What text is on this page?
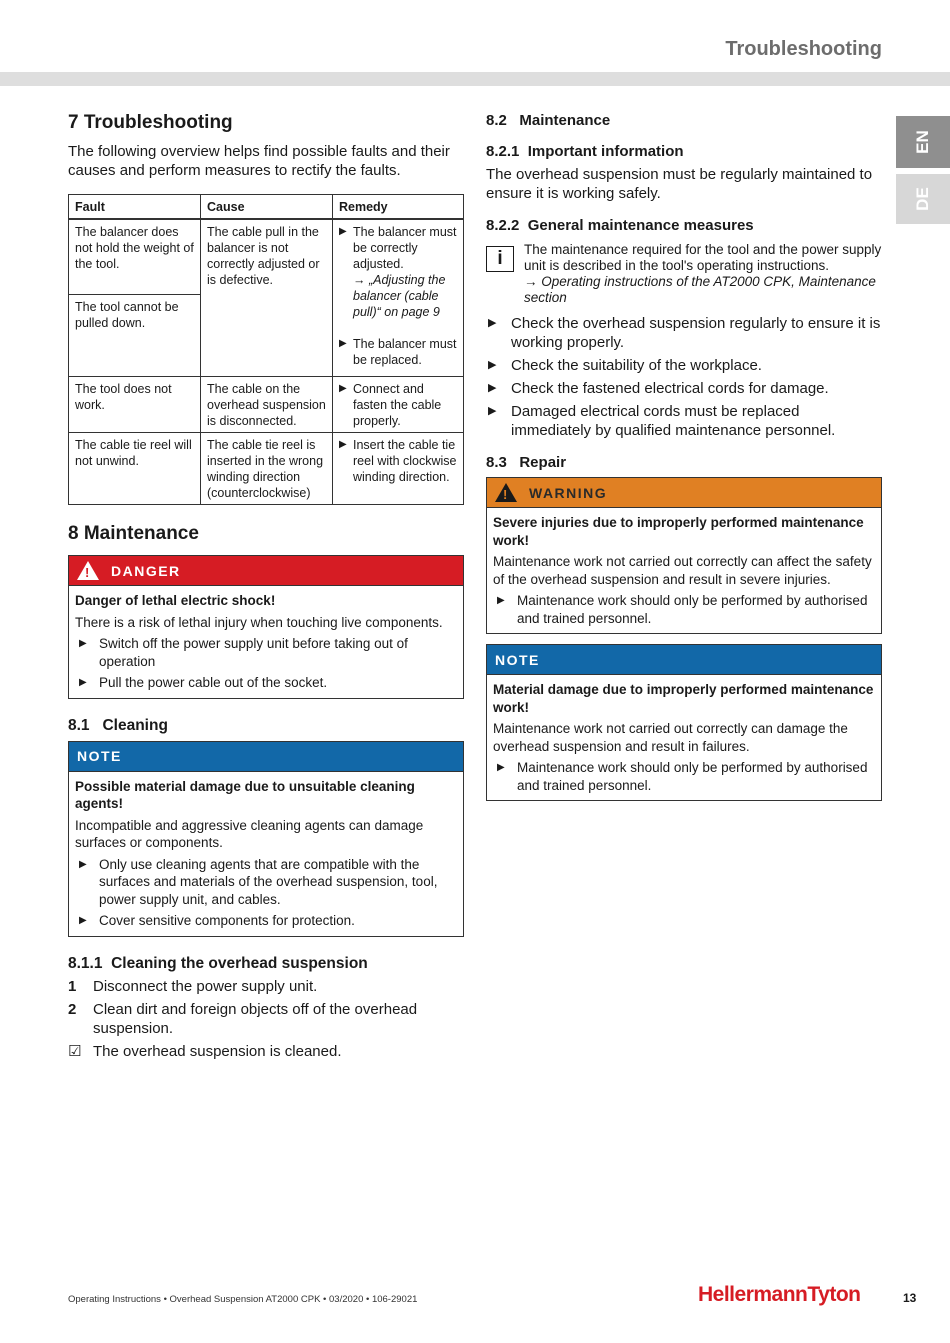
Troubleshooting
EN
DE
7 Troubleshooting
The following overview helps find possible faults and their causes and perform measures to rectify the faults.
Fault	Cause	Remedy
The balancer does not hold the weight of the tool.	The cable pull in the balancer is not correctly adjusted or is defective.	▶ The balancer must be correctly adjusted.
→ „Adjusting the balancer (cable pull)“ on page 9
▶ The balancer must be replaced.

The tool cannot be pulled down.		
The tool does not work.	The cable on the overhead suspension is disconnected.	▶ Connect and fasten the cable properly.

The cable tie reel will not unwind.	The cable tie reel is inserted in the wrong winding direction (counterclockwise)	▶ Insert the cable tie reel with clockwise winding direction.
8 Maintenance
!
DANGER
Danger of lethal electric shock!
There is a risk of lethal injury when touching live components.
▶ Switch off the power supply unit before taking out of operation
▶ Pull the power cable out of the socket.
8.1   Cleaning
NOTE
Possible material damage due to unsuitable cleaning agents!
Incompatible and aggressive cleaning agents can damage surfaces or components.
▶ Only use cleaning agents that are compatible with the surfaces and materials of the overhead suspension, tool, power supply unit, and cables.
▶ Cover sensitive components for protection.
8.1.1  Cleaning the overhead suspension
1	Disconnect the power supply unit.
2	Clean dirt and foreign objects off of the overhead suspension.
☑ The overhead suspension is cleaned.
8.2   Maintenance
8.2.1  Important information
The overhead suspension must be regularly maintained to ensure it is working safely.
8.2.2  General maintenance measures
i	The maintenance required for the tool and the power supply unit is described in the tool's operating instructions.
→ Operating instructions of the AT2000 CPK, Maintenance section
▶ Check the overhead suspension regularly to ensure it is working properly.
▶ Check the suitability of the workplace.
▶ Check the fastened electrical cords for damage.
▶ Damaged electrical cords must be replaced immediately by qualified maintenance personnel.
8.3   Repair
!
WARNING
Severe injuries due to improperly performed maintenance work!
Maintenance work not carried out correctly can affect the safety of the overhead suspension and result in severe injuries.
▶ Maintenance work should only be performed by authorised and trained personnel.
NOTE
Material damage due to improperly performed maintenance work!
Maintenance work not carried out correctly can damage the overhead suspension and result in failures.
▶ Maintenance work should only be performed by authorised and trained personnel.
Operating Instructions • Overhead Suspension AT2000 CPK • 03/2020 • 106-29021	HellermannTyton	13
